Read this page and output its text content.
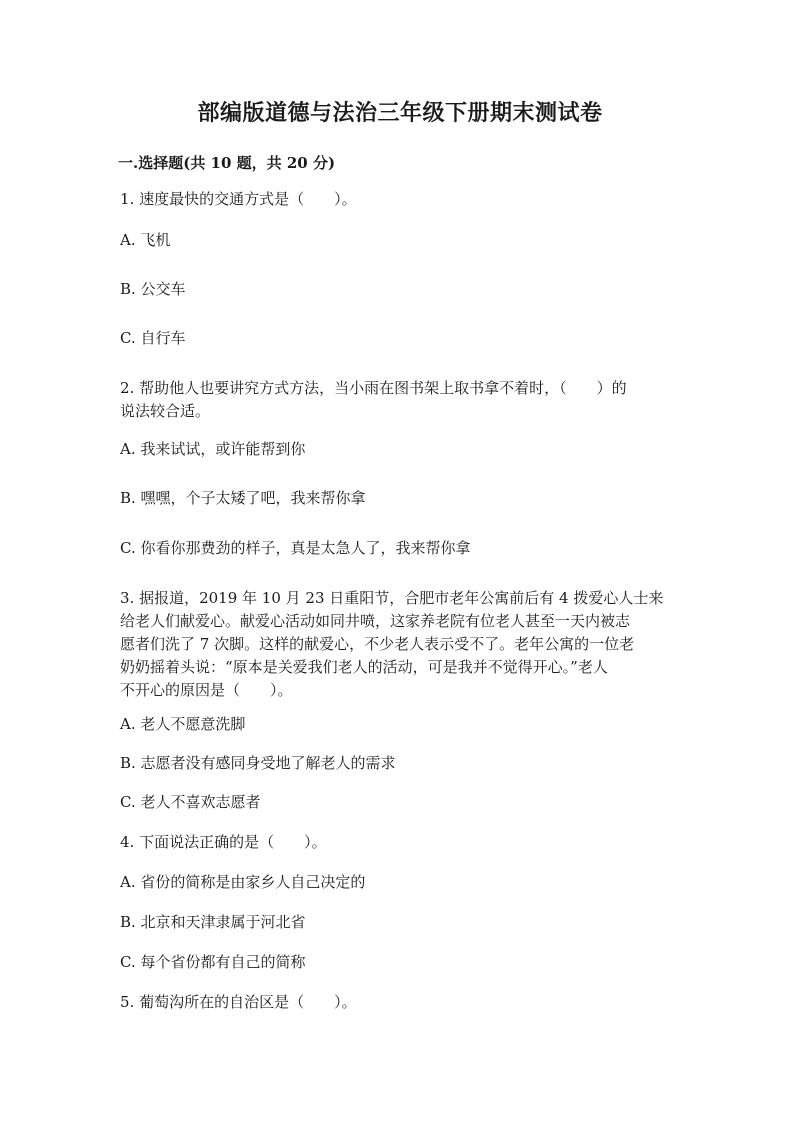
部编版道德与法治三年级下册期末测试卷
一.选择题(共 10 题，共 20 分)
1. 速度最快的交通方式是（　　）。
A. 飞机
B. 公交车
C. 自行车
2. 帮助他人也要讲究方式方法，当小雨在图书架上取书拿不着时，（　　）的
说法较合适。
A. 我来试试，或许能帮到你
B. 嘿嘿，个子太矮了吧，我来帮你拿
C. 你看你那费劲的样子，真是太急人了，我来帮你拿
3. 据报道，2019 年 10 月 23 日重阳节，合肥市老年公寓前后有 4 拨爱心人士来
给老人们献爱心。献爱心活动如同井喷，这家养老院有位老人甚至一天内被志
愿者们洗了 7 次脚。这样的献爱心，不少老人表示受不了。老年公寓的一位老
奶奶摇着头说：“原本是关爱我们老人的活动，可是我并不觉得开心。”老人
不开心的原因是（　　）。
A. 老人不愿意洗脚
B. 志愿者没有感同身受地了解老人的需求
C. 老人不喜欢志愿者
4. 下面说法正确的是（　　）。
A. 省份的简称是由家乡人自己决定的
B. 北京和天津隶属于河北省
C. 每个省份都有自己的简称
5. 葡萄沟所在的自治区是（　　）。
